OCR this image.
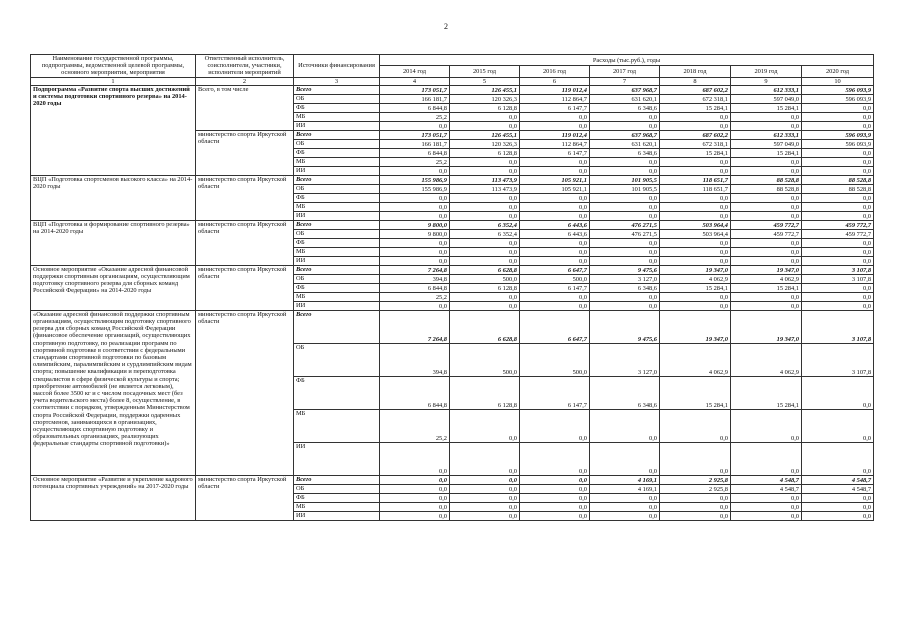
2
Наименование государственной программы, подпрограммы, ведомственной целевой программы, основного мероприятия, мероприятия	Ответственный исполнитель, соисполнители, участники, исполнители мероприятий	Источники финансирования	Расходы (тыс.руб.), годы						
			2014 год	2015 год	2016 год	2017 год	2018 год	2019 год	2020 год
1	2	3	4	5	6	7	8	9	10
Подпрограмма «Развитие спорта высших достижений и системы подготовки спортивного резерва» на 2014-2020 годы	Всего, в том числе	Всего	173 051,7	126 455,1	119 012,4	637 968,7	687 602,2	612 333,1	596 093,9
		ОБ	166 181,7	120 326,3	112 864,7	631 620,1	672 318,1	597 049,0	596 093,9
		ФБ	6 844,8	6 128,8	6 147,7	6 348,6	15 284,1	15 284,1	0,0
		МБ	25,2	0,0	0,0	0,0	0,0	0,0	0,0
		ИИ	0,0	0,0	0,0	0,0	0,0	0,0	0,0
	министерство спорта Иркутской области	Всего	173 051,7	126 455,1	119 012,4	637 968,7	687 602,2	612 333,1	596 093,9
		ОБ	166 181,7	120 326,3	112 864,7	631 620,1	672 318,1	597 049,0	596 093,9
		ФБ	6 844,8	6 128,8	6 147,7	6 348,6	15 284,1	15 284,1	0,0
		МБ	25,2	0,0	0,0	0,0	0,0	0,0	0,0
		ИИ	0,0	0,0	0,0	0,0	0,0	0,0	0,0
ВЦП «Подготовка спортсменов высокого класса» на 2014-2020 годы	министерство спорта Иркутской области	Всего	155 986,9	113 473,9	105 921,1	101 905,5	118 651,7	88 528,8	88 528,8
		ОБ	155 986,9	113 473,9	105 921,1	101 905,5	118 651,7	88 528,8	88 528,8
		ФБ	0,0	0,0	0,0	0,0	0,0	0,0	0,0
		МБ	0,0	0,0	0,0	0,0	0,0	0,0	0,0
		ИИ	0,0	0,0	0,0	0,0	0,0	0,0	0,0
ВЦП «Подготовка и формирование спортивного резерва» на 2014-2020 годы	министерство спорта Иркутской области	Всего	9 800,0	6 352,4	6 443,6	476 271,5	503 964,4	459 772,7	459 772,7
		ОБ	9 800,0	6 352,4	6 443,6	476 271,5	503 964,4	459 772,7	459 772,7
		ФБ	0,0	0,0	0,0	0,0	0,0	0,0	0,0
		МБ	0,0	0,0	0,0	0,0	0,0	0,0	0,0
		ИИ	0,0	0,0	0,0	0,0	0,0	0,0	0,0
Основное мероприятие «Оказание адресной финансовой поддержки спортивным организациям, осуществляющим подготовку спортивного резерва для сборных команд Российской Федерации» на 2014-2020 годы	министерство спорта Иркутской области	Всего	7 264,8	6 628,8	6 647,7	9 475,6	19 347,0	19 347,0	3 107,8
		ОБ	394,8	500,0	500,0	3 127,0	4 062,9	4 062,9	3 107,8
		ФБ	6 844,8	6 128,8	6 147,7	6 348,6	15 284,1	15 284,1	0,0
		МБ	25,2	0,0	0,0	0,0	0,0	0,0	0,0
		ИИ	0,0	0,0	0,0	0,0	0,0	0,0	0,0
«Оказание адресной финансовой поддержки спортивным организациям, осуществляющим подготовку спортивного резерва для сборных команд Российской Федерации (финансовое обеспечение организаций, осуществляющих спортивную подготовку, по реализации программ по спортивной подготовке в соответствии с федеральными стандартами спортивной подготовки по базовым олимпийским, паралимпийским и сурдлимпийским видам спорта; повышение квалификации и переподготовка специалистов в сфере физической культуры и спорта; приобретение автомобилей (не является легковым), массой более 3500 кг и с числом посадочных мест (без учета водительского места) более 8, осуществление, в соответствии с порядком, утвержденным Министерством спорта Российской Федерации, поддержки одаренных спортсменов, занимающихся в организациях, осуществляющих спортивную подготовку и образовательных организациях, реализующих федеральные стандарты спортивной подготовки)»	министерство спорта Иркутской области	Всего	7 264,8	6 628,8	6 647,7	9 475,6	19 347,0	19 347,0	3 107,8
		ОБ	394,8	500,0	500,0	3 127,0	4 062,9	4 062,9	3 107,8
		ФБ	6 844,8	6 128,8	6 147,7	6 348,6	15 284,1	15 284,1	0,0
		МБ	25,2	0,0	0,0	0,0	0,0	0,0	0,0
		ИИ	0,0	0,0	0,0	0,0	0,0	0,0	0,0
Основное мероприятие «Развитие и укрепление кадрового потенциала спортивных учреждений» на 2017-2020 годы	министерство спорта Иркутской области	Всего	0,0	0,0	0,0	4 169,1	2 925,8	4 548,7	4 548,7
		ОБ	0,0	0,0	0,0	4 169,1	2 925,8	4 548,7	4 548,7
		ФБ	0,0	0,0	0,0	0,0	0,0	0,0	0,0
		МБ	0,0	0,0	0,0	0,0	0,0	0,0	0,0
		ИИ	0,0	0,0	0,0	0,0	0,0	0,0	0,0
